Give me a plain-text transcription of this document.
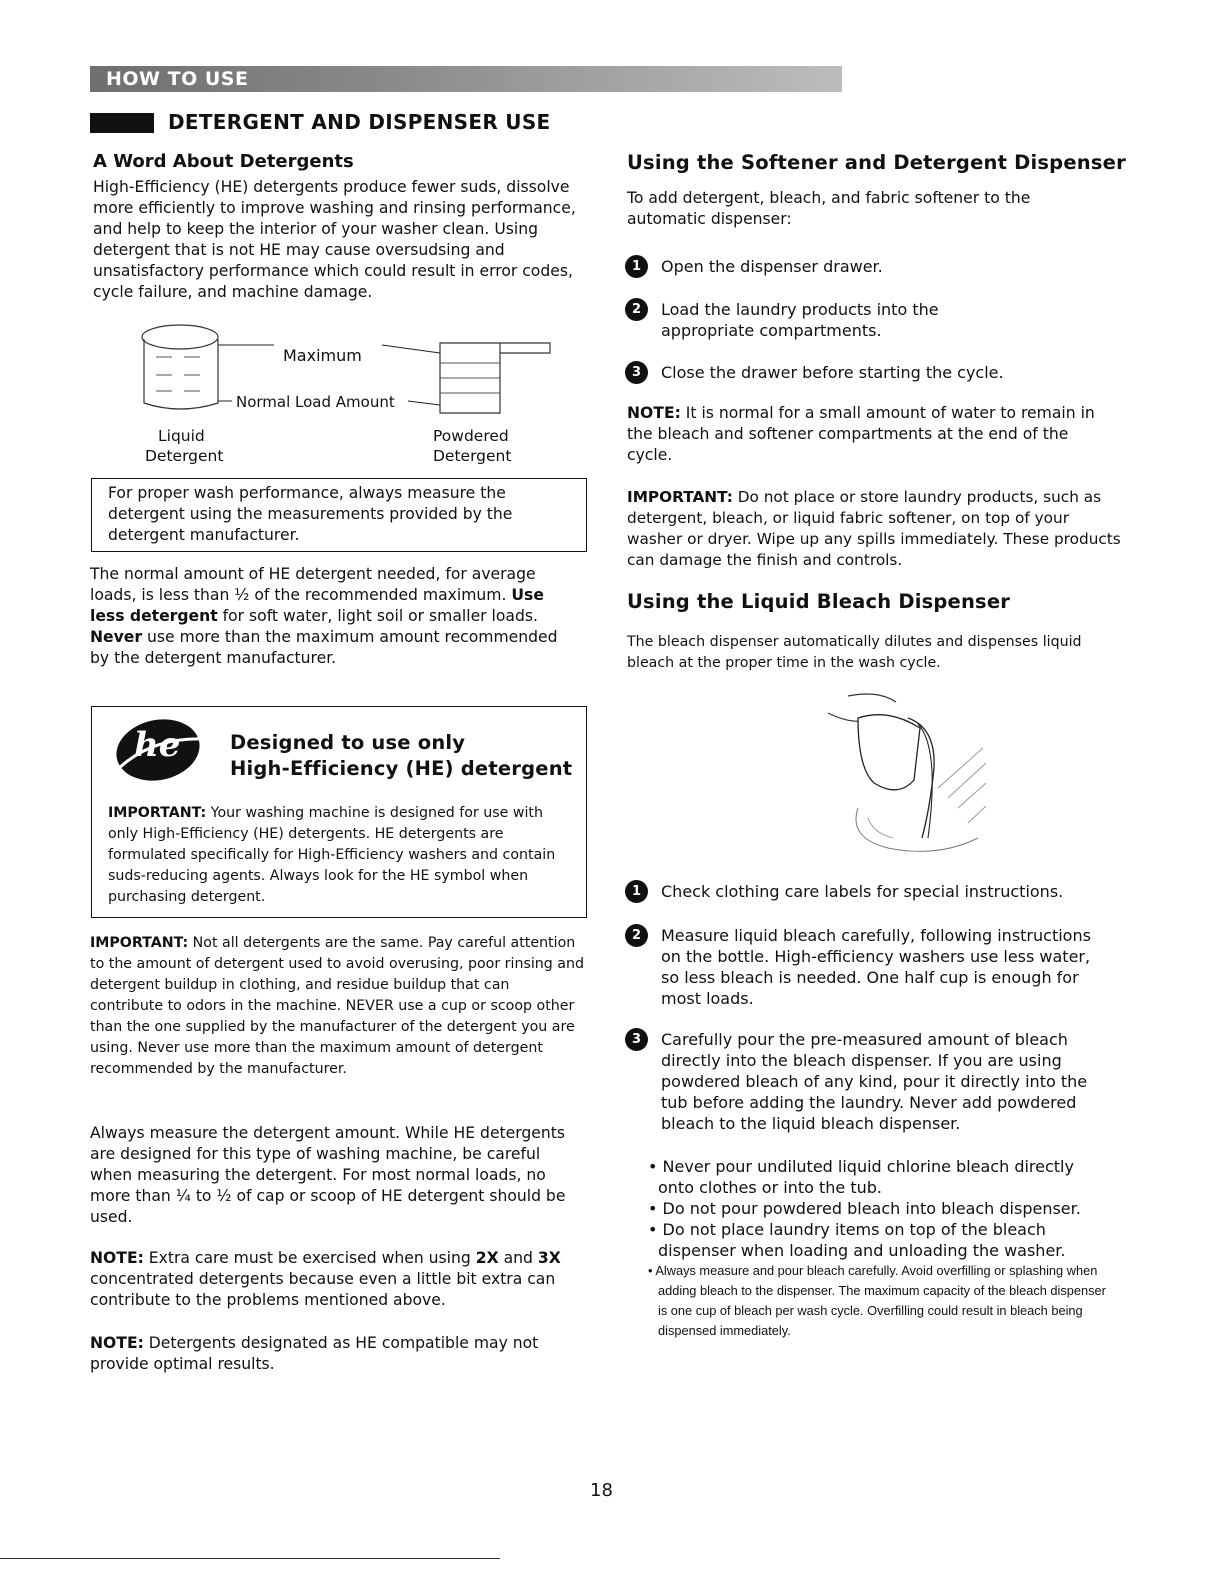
HOW TO USE
DETERGENT AND DISPENSER USE
A Word About Detergents

High-Efficiency (HE) detergents produce fewer suds, dissolve more efficiently to improve washing and rinsing performance, and help to keep the interior of your washer clean. Using detergent that is not HE may cause oversudsing and unsatisfactory performance which could result in error codes, cycle failure, and machine damage.

Maximum
Normal Load Amount
Liquid
Detergent
Powdered
Detergent

For proper wash performance, always measure the detergent using the measurements provided by the detergent manufacturer.

The normal amount of HE detergent needed, for average loads, is less than ½ of the recommended maximum. Use less detergent for soft water, light soil or smaller loads. Never use more than the maximum amount recommended by the detergent manufacturer.

he	Designed to use only
High-Efficiency (HE) detergent

IMPORTANT: Your washing machine is designed for use with only High-Efficiency (HE) detergents. HE detergents are formulated specifically for High-Efficiency washers and contain suds-reducing agents. Always look for the HE symbol when purchasing detergent.

IMPORTANT: Not all detergents are the same. Pay careful attention to the amount of detergent used to avoid overusing, poor rinsing and detergent buildup in clothing, and residue buildup that can contribute to odors in the machine. NEVER use a cup or scoop other than the one supplied by the manufacturer of the detergent you are using. Never use more than the maximum amount of detergent recommended by the manufacturer.

Always measure the detergent amount. While HE detergents are designed for this type of washing machine, be careful when measuring the detergent. For most normal loads, no more than ¼ to ½ of cap or scoop of HE detergent should be used.

NOTE: Extra care must be exercised when using 2X and 3X concentrated detergents because even a little bit extra can contribute to the problems mentioned above.

NOTE: Detergents designated as HE compatible may not provide optimal results.

Using the Softener and Detergent Dispenser

To add detergent, bleach, and fabric softener to the automatic dispenser:

1	Open the dispenser drawer.

2	Load the laundry products into the appropriate compartments.

3	Close the drawer before starting the cycle.

NOTE: It is normal for a small amount of water to remain in the bleach and softener compartments at the end of the cycle.

IMPORTANT: Do not place or store laundry products, such as detergent, bleach, or liquid fabric softener, on top of your washer or dryer. Wipe up any spills immediately. These products can damage the finish and controls.

Using the Liquid Bleach Dispenser

The bleach dispenser automatically dilutes and dispenses liquid bleach at the proper time in the wash cycle.

1	Check clothing care labels for special instructions.

2	Measure liquid bleach carefully, following instructions on the bottle. High-efficiency washers use less water, so less bleach is needed. One half cup is enough for most loads.

3	Carefully pour the pre-measured amount of bleach directly into the bleach dispenser. If you are using powdered bleach of any kind, pour it directly into the tub before adding the laundry. Never add powdered bleach to the liquid bleach dispenser.

• Never pour undiluted liquid chlorine bleach directly onto clothes or into the tub.

• Do not pour powdered bleach into bleach dispenser.

• Do not place laundry items on top of the bleach dispenser when loading and unloading the washer.

• Always measure and pour bleach carefully. Avoid overfilling or splashing when adding bleach to the dispenser. The maximum capacity of the bleach dispenser is one cup of bleach per wash cycle. Overfilling could result in bleach being dispensed immediately.

18
